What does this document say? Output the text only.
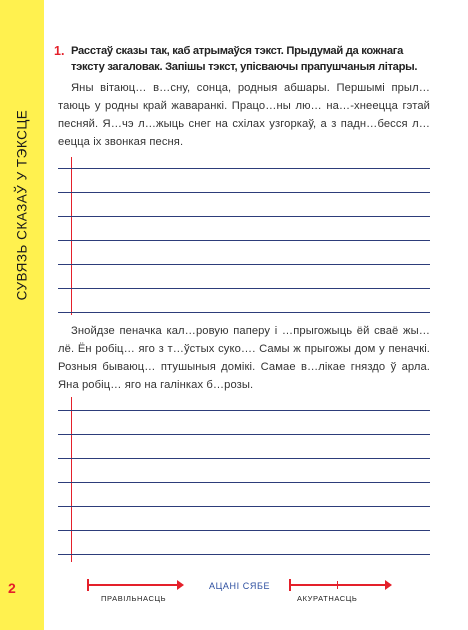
СУВЯЗЬ СКАЗАЎ У ТЭКСЦЕ
2
1. Расстаў сказы так, каб атрымаўся тэкст. Прыдумай да кожнага тэксту загаловак. Запішы тэкст, упісваючы прапушчаныя літары.
Яны вітаюц… в…сну, сонца, родныя абшары. Першымі прыл…таюць у родны край жаваранкі. Працо…ны лю… на…-хнеецца гэтай песняй. Я…чэ л…жыць снег на схілах узгоркаў, а з падн…бесся л…еецца іх звонкая песня.
Знойдзе пеначка кал…ровую паперу і …прыгожыць ёй сваё жы…лё. Ён робіц… яго з т…ўстых суко…. Самы ж прыгожы дом у пеначкі. Розныя бываюц… птушыныя домікі. Самае в…лікае гняздо ў арла. Яна робіц… яго на галінках б…розы.
ПРАВІЛЬНАСЦЬ
АЦАНІ СЯБЕ
АКУРАТНАСЦЬ
